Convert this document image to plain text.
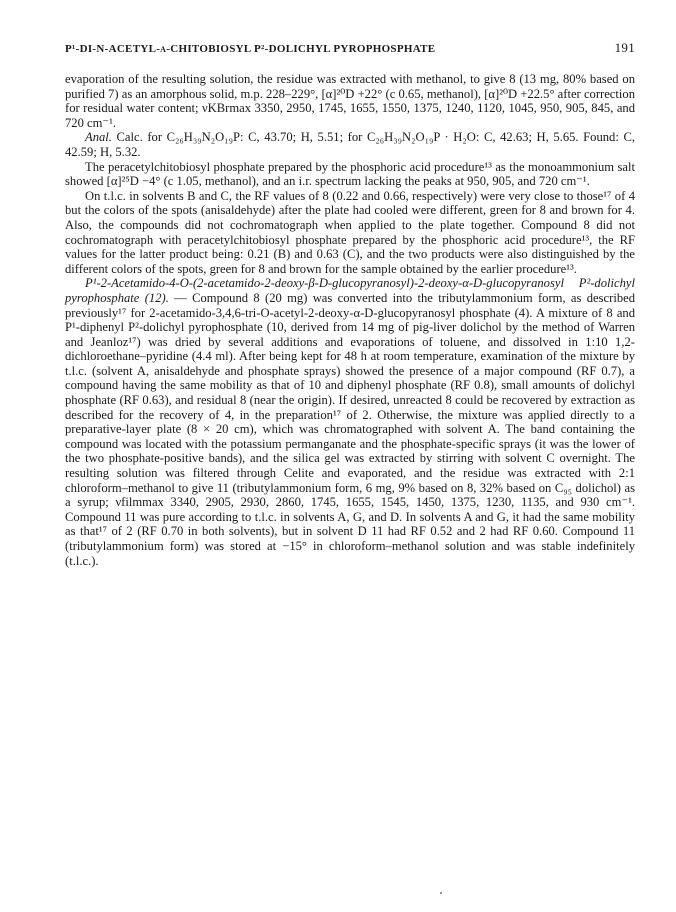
P¹-DI-N-ACETYL-α-CHITOBIOSYL P²-DOLICHYL PYROPHOSPHATE	191

evaporation of the resulting solution, the residue was extracted with methanol, to give 8 (13 mg, 80% based on purified 7) as an amorphous solid, m.p. 228–229°, [α]²⁰D +22° (c 0.65, methanol), [α]²⁰D +22.5° after correction for residual water content; νKBrmax 3350, 2950, 1745, 1655, 1550, 1375, 1240, 1120, 1045, 950, 905, 845, and 720 cm⁻¹.

Anal. Calc. for C₂₆H₃₉N₂O₁₉P: C, 43.70; H, 5.51; for C₂₆H₃₉N₂O₁₉P · H₂O: C, 42.63; H, 5.65. Found: C, 42.59; H, 5.32.

The peracetylchitobiosyl phosphate prepared by the phosphoric acid procedure¹³ as the monoammonium salt showed [α]²⁵D −4° (c 1.05, methanol), and an i.r. spectrum lacking the peaks at 950, 905, and 720 cm⁻¹.

On t.l.c. in solvents B and C, the RF values of 8 (0.22 and 0.66, respectively) were very close to those¹⁷ of 4 but the colors of the spots (anisaldehyde) after the plate had cooled were different, green for 8 and brown for 4. Also, the compounds did not cochromatograph when applied to the plate together. Compound 8 did not cochromatograph with peracetylchitobiosyl phosphate prepared by the phosphoric acid procedure¹³, the RF values for the latter product being: 0.21 (B) and 0.63 (C), and the two products were also distinguished by the different colors of the spots, green for 8 and brown for the sample obtained by the earlier procedure¹³.

P¹-2-Acetamido-4-O-(2-acetamido-2-deoxy-β-D-glucopyranosyl)-2-deoxy-α-D-glucopyranosyl P²-dolichyl pyrophosphate (12). — Compound 8 (20 mg) was converted into the tributylammonium form, as described previously¹⁷ for 2-acetamido-3,4,6-tri-O-acetyl-2-deoxy-α-D-glucopyranosyl phosphate (4). A mixture of 8 and P¹-diphenyl P²-dolichyl pyrophosphate (10, derived from 14 mg of pig-liver dolichol by the method of Warren and Jeanloz¹⁷) was dried by several additions and evaporations of toluene, and dissolved in 1:10 1,2-dichloroethane–pyridine (4.4 ml). After being kept for 48 h at room temperature, examination of the mixture by t.l.c. (solvent A, anisaldehyde and phosphate sprays) showed the presence of a major compound (RF 0.7), a compound having the same mobility as that of 10 and diphenyl phosphate (RF 0.8), small amounts of dolichyl phosphate (RF 0.63), and residual 8 (near the origin). If desired, unreacted 8 could be recovered by extraction as described for the recovery of 4, in the preparation¹⁷ of 2. Otherwise, the mixture was applied directly to a preparative-layer plate (8 × 20 cm), which was chromatographed with solvent A. The band containing the compound was located with the potassium permanganate and the phosphate-specific sprays (it was the lower of the two phosphate-positive bands), and the silica gel was extracted by stirring with solvent C overnight. The resulting solution was filtered through Celite and evaporated, and the residue was extracted with 2:1 chloroform–methanol to give 11 (tributylammonium form, 6 mg, 9% based on 8, 32% based on C₉₅ dolichol) as a syrup; νfilmmax 3340, 2905, 2930, 2860, 1745, 1655, 1545, 1450, 1375, 1230, 1135, and 930 cm⁻¹. Compound 11 was pure according to t.l.c. in solvents A, G, and D. In solvents A and G, it had the same mobility as that¹⁷ of 2 (RF 0.70 in both solvents), but in solvent D 11 had RF 0.52 and 2 had RF 0.60. Compound 11 (tributylammonium form) was stored at −15° in chloroform–methanol solution and was stable indefinitely (t.l.c.).
